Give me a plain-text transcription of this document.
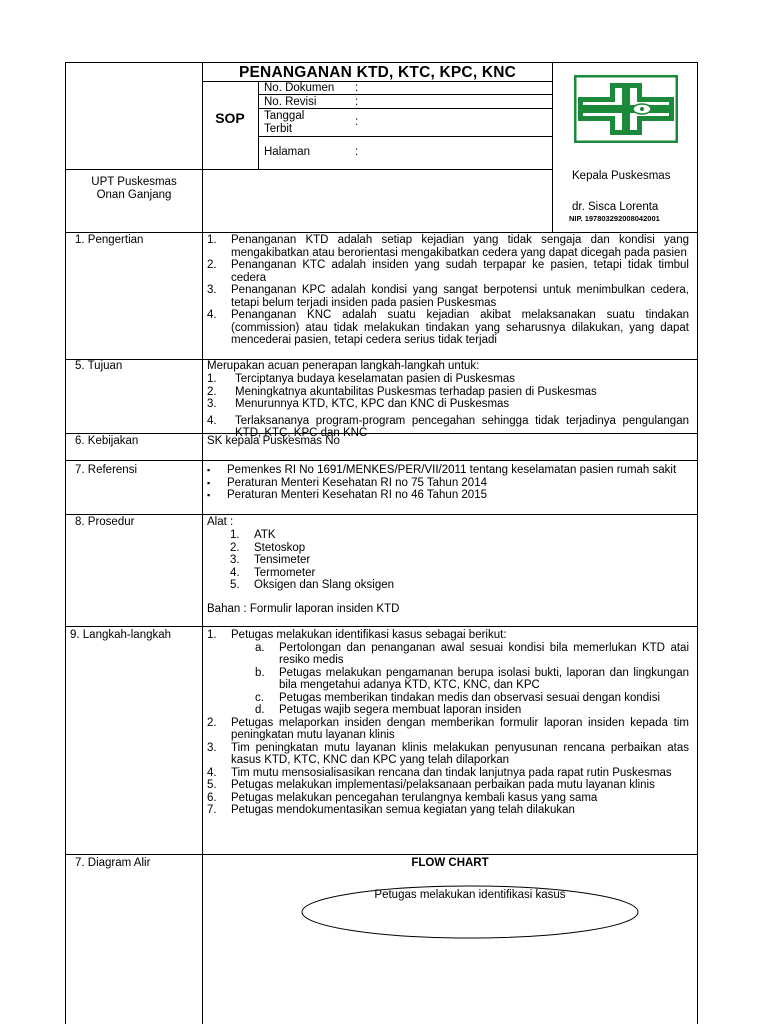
PENANGANAN KTD, KTC, KPC, KNC
SOP
No. Dokumen :
No. Revisi	:
Tanggal
Terbit
:
Halaman	:
UPT Puskesmas
Onan Ganjang
Kepala Puskesmas
dr. Sisca Lorenta
NIP. 197803292008042001
1. Pengertian	1. Penanganan KTD adalah setiap kejadian yang tidak sengaja dan kondisi yang mengakibatkan atau berorientasi mengakibatkan cedera yang dapat dicegah pada pasien
2. Penanganan KTC adalah insiden yang sudah terpapar ke pasien, tetapi tidak timbul cedera
3. Penanganan KPC adalah kondisi yang sangat berpotensi untuk menimbulkan cedera, tetapi belum terjadi insiden pada pasien Puskesmas
4. Penanganan KNC adalah suatu kejadian akibat melaksanakan suatu tindakan (commission) atau tidak melakukan tindakan yang seharusnya dilakukan, yang dapat mencederai pasien, tetapi cedera serius tidak terjadi
5. Tujuan	Merupakan acuan penerapan langkah-langkah untuk:
1. Terciptanya budaya keselamatan pasien di Puskesmas
2. Meningkatnya akuntabilitas Puskesmas terhadap pasien di Puskesmas
3. Menurunnya KTD, KTC, KPC dan KNC di Puskesmas
4. Terlaksananya program-program pencegahan sehingga tidak terjadinya pengulangan KTD, KTC, KPC dan KNC
6. Kebijakan	SK kepala Puskesmas No
7. Referensi	▪ Pemenkes RI No 1691/MENKES/PER/VII/2011 tentang keselamatan pasien rumah sakit
▪ Peraturan Menteri Kesehatan RI no 75 Tahun 2014
▪ Peraturan Menteri Kesehatan RI no 46 Tahun 2015
8. Prosedur	Alat :
1. ATK
2. Stetoskop
3. Tensimeter
4. Termometer
5. Oksigen dan Slang oksigen
Bahan : Formulir laporan insiden KTD
9. Langkah-langkah	1. Petugas melakukan identifikasi kasus sebagai berikut:
a. Pertolongan dan penanganan awal sesuai kondisi bila memerlukan KTD atai resiko medis
b. Petugas melakukan pengamanan berupa isolasi bukti, laporan dan lingkungan bila mengetahui adanya KTD, KTC, KNC, dan KPC
c. Petugas memberikan tindakan medis dan observasi sesuai dengan kondisi
d. Petugas wajib segera membuat laporan insiden
2. Petugas melaporkan insiden dengan memberikan formulir laporan insiden kepada tim peningkatan mutu layanan klinis
3. Tim peningkatan mutu layanan klinis melakukan penyusunan rencana perbaikan atas kasus KTD, KTC, KNC dan KPC yang telah dilaporkan
4. Tim mutu mensosialisasikan rencana dan tindak lanjutnya pada rapat rutin Puskesmas
5. Petugas melakukan implementasi/pelaksanaan perbaikan pada mutu layanan klinis
6. Petugas melakukan pencegahan terulangnya kembali kasus yang sama
7. Petugas mendokumentasikan semua kegiatan yang telah dilakukan
7. Diagram Alir	FLOW CHART
Petugas melakukan identifikasi kasus
